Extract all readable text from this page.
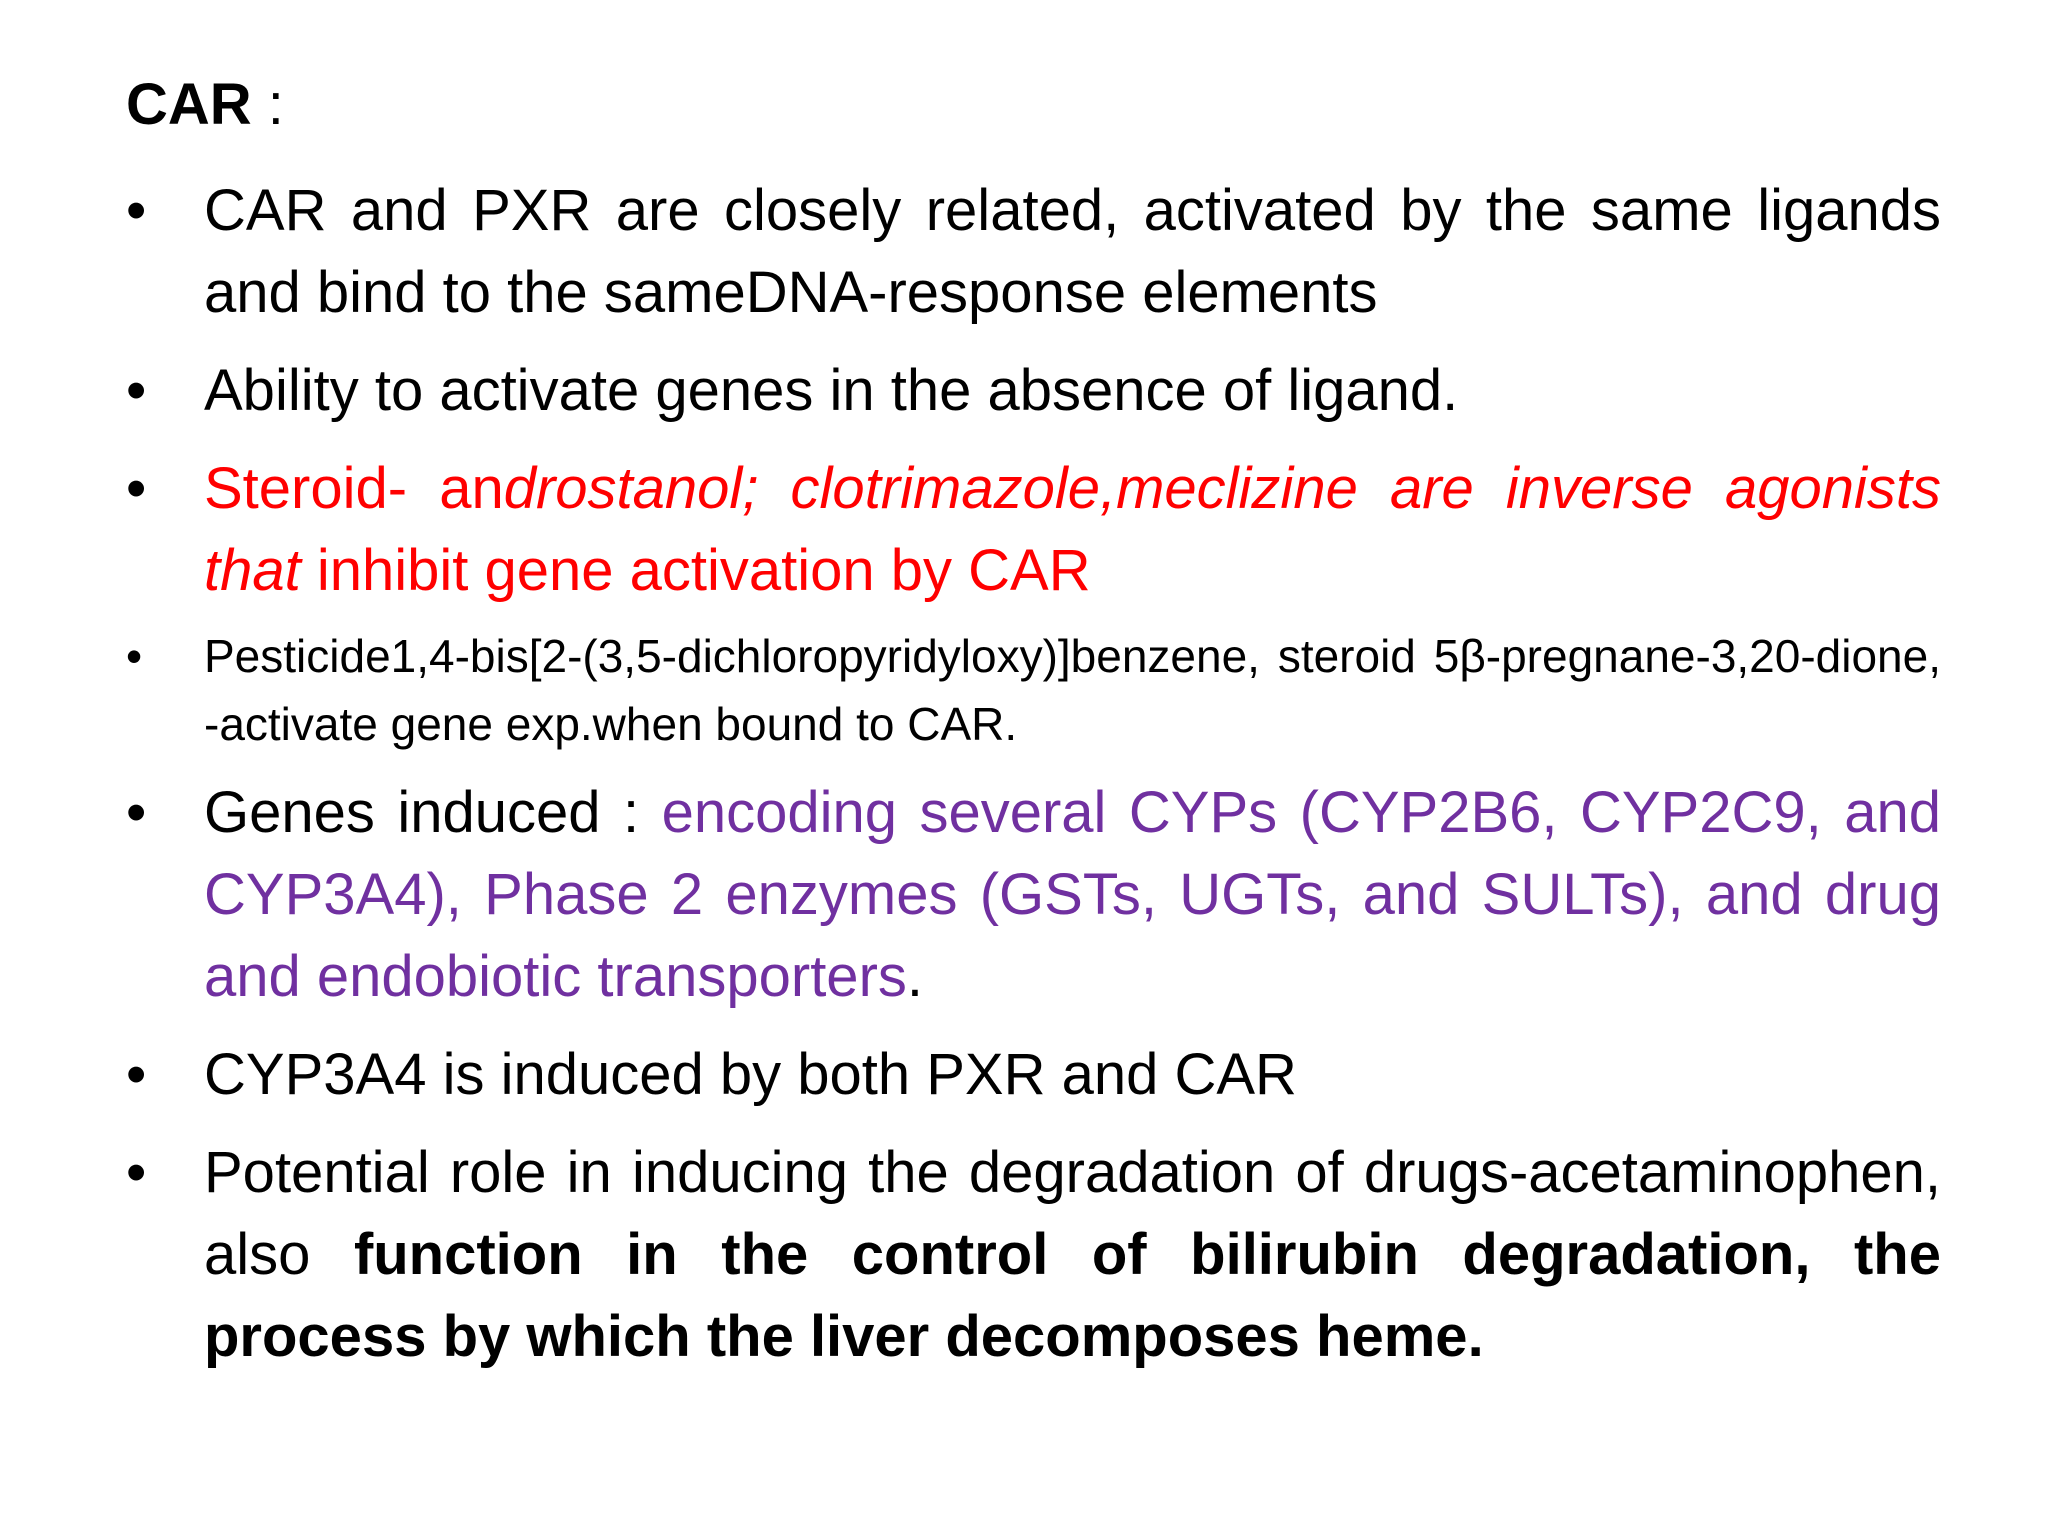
CAR :
• CAR and PXR are closely related, activated by the same ligands and bind to the sameDNA-response elements
• Ability to activate genes in the absence of ligand.
• Steroid- androstanol; clotrimazole,meclizine are inverse agonists that inhibit gene activation by CAR
•	Pesticide1,4-bis[2-(3,5-dichloropyridyloxy)]benzene, steroid 5β-pregnane-3,20-dione, -activate gene exp.when bound to CAR.
• Genes induced : encoding several CYPs (CYP2B6, CYP2C9, and CYP3A4), Phase 2 enzymes (GSTs, UGTs, and SULTs), and drug and endobiotic transporters.
• CYP3A4 is induced by both PXR and CAR
• Potential role in inducing the degradation of drugs-acetaminophen, also function in the control of bilirubin degradation, the process by which the liver decomposes heme.
